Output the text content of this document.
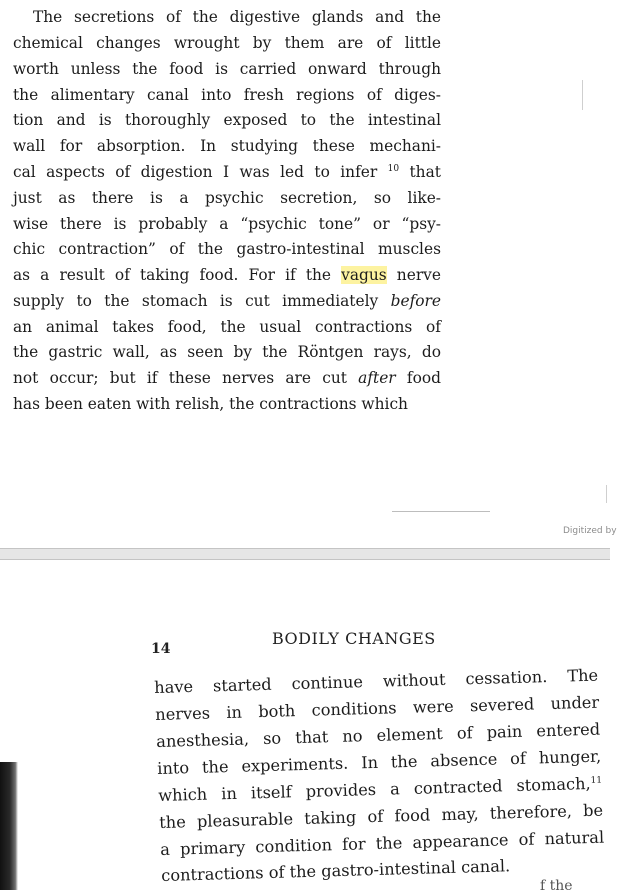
The secretions of the digestive glands and the
chemical changes wrought by them are of little
worth unless the food is carried onward through
the alimentary canal into fresh regions of diges-
tion and is thoroughly exposed to the intestinal
wall for absorption. In studying these mechani-
cal aspects of digestion I was led to infer $^{10}$ that
just as there is a psychic secretion, so like-
wise there is probably a “psychic tone” or “psy-
chic contraction” of the gastro-intestinal muscles
as a result of taking food. For if the vagus nerve
supply to the stomach is cut immediately before
an animal takes food, the usual contractions of
the gastric wall, as seen by the Röntgen rays, do
not occur; but if these nerves are cut after food
has been eaten with relish, the contractions which
Digitized by
14
BODILY CHANGES
have started continue without cessation. The
nerves in both conditions were severed under
anesthesia, so that no element of pain entered
into the experiments. In the absence of hunger,
which in itself provides a contracted stomach,$^{11}$
the pleasurable taking of food may, therefore, be
a primary condition for the appearance of natural
contractions of the gastro-intestinal canal.
f the
